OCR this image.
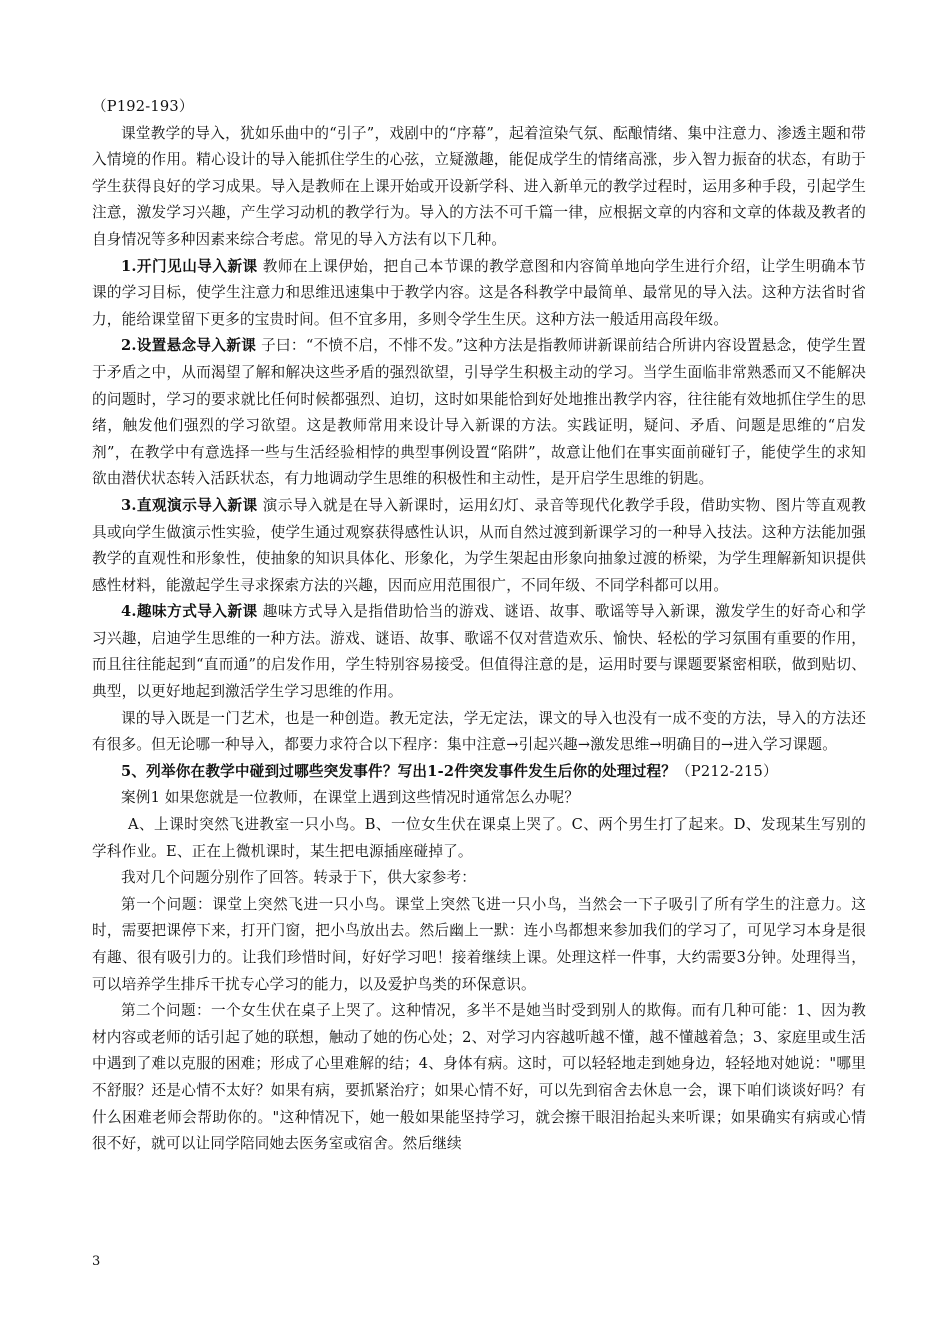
（P192-193）

课堂教学的导入，犹如乐曲中的“引子”，戏剧中的“序幕”，起着渲染气氛、酝酿情绪、集中注意力、渗透主题和带入情境的作用。精心设计的导入能抓住学生的心弦，立疑激趣，能促成学生的情绪高涨，步入智力振奋的状态，有助于学生获得良好的学习成果。导入是教师在上课开始或开设新学科、进入新单元的教学过程时，运用多种手段，引起学生注意，激发学习兴趣，产生学习动机的教学行为。导入的方法不可千篇一律，应根据文章的内容和文章的体裁及教者的自身情况等多种因素来综合考虑。常见的导入方法有以下几种。

1.开门见山导入新课 教师在上课伊始，把自己本节课的教学意图和内容简单地向学生进行介绍，让学生明确本节课的学习目标，使学生注意力和思维迅速集中于教学内容。这是各科教学中最简单、最常见的导入法。这种方法省时省力，能给课堂留下更多的宝贵时间。但不宜多用，多则令学生生厌。这种方法一般适用高段年级。

2.设置悬念导入新课 子曰：“不愤不启，不悱不发。”这种方法是指教师讲新课前结合所讲内容设置悬念，使学生置于矛盾之中，从而渴望了解和解决这些矛盾的强烈欲望，引导学生积极主动的学习。当学生面临非常熟悉而又不能解决的问题时，学习的要求就比任何时候都强烈、迫切，这时如果能恰到好处地推出教学内容，往往能有效地抓住学生的思绪，触发他们强烈的学习欲望。这是教师常用来设计导入新课的方法。实践证明，疑问、矛盾、问题是思维的“启发剂”，在教学中有意选择一些与生活经验相悖的典型事例设置“陷阱”，故意让他们在事实面前碰钉子，能使学生的求知欲由潜伏状态转入活跃状态，有力地调动学生思维的积极性和主动性，是开启学生思维的钥匙。

3.直观演示导入新课 演示导入就是在导入新课时，运用幻灯、录音等现代化教学手段，借助实物、图片等直观教具或向学生做演示性实验，使学生通过观察获得感性认识，从而自然过渡到新课学习的一种导入技法。这种方法能加强教学的直观性和形象性，使抽象的知识具体化、形象化，为学生架起由形象向抽象过渡的桥梁，为学生理解新知识提供感性材料，能激起学生寻求探索方法的兴趣，因而应用范围很广，不同年级、不同学科都可以用。

4.趣味方式导入新课 趣味方式导入是指借助恰当的游戏、谜语、故事、歌谣等导入新课，激发学生的好奇心和学习兴趣，启迪学生思维的一种方法。游戏、谜语、故事、歌谣不仅对营造欢乐、愉快、轻松的学习氛围有重要的作用，而且往往能起到“直而通”的启发作用，学生特别容易接受。但值得注意的是，运用时要与课题要紧密相联，做到贴切、典型，以更好地起到激活学生学习思维的作用。

课的导入既是一门艺术，也是一种创造。教无定法，学无定法，课文的导入也没有一成不变的方法，导入的方法还有很多。但无论哪一种导入，都要力求符合以下程序：集中注意→引起兴趣→激发思维→明确目的→进入学习课题。

5、列举你在教学中碰到过哪些突发事件？写出1-2件突发事件发生后你的处理过程？（P212-215）

案例1 如果您就是一位教师，在课堂上遇到这些情况时通常怎么办呢？

A、上课时突然飞进教室一只小鸟。B、一位女生伏在课桌上哭了。C、两个男生打了起来。D、发现某生写别的学科作业。E、正在上微机课时，某生把电源插座碰掉了。

我对几个问题分别作了回答。转录于下，供大家参考：

第一个问题：课堂上突然飞进一只小鸟。课堂上突然飞进一只小鸟，当然会一下子吸引了所有学生的注意力。这时，需要把课停下来，打开门窗，把小鸟放出去。然后幽上一默：连小鸟都想来参加我们的学习了，可见学习本身是很有趣、很有吸引力的。让我们珍惜时间，好好学习吧！接着继续上课。处理这样一件事，大约需要3分钟。处理得当，可以培养学生排斥干扰专心学习的能力，以及爱护鸟类的环保意识。

第二个问题：一个女生伏在桌子上哭了。这种情况，多半不是她当时受到别人的欺侮。而有几种可能：1、因为教材内容或老师的话引起了她的联想，触动了她的伤心处；2、对学习内容越听越不懂，越不懂越着急；3、家庭里或生活中遇到了难以克服的困难；形成了心里难解的结；4、身体有病。这时，可以轻轻地走到她身边，轻轻地对她说："哪里不舒服？还是心情不太好？如果有病，要抓紧治疗；如果心情不好，可以先到宿舍去休息一会，课下咱们谈谈好吗？有什么困难老师会帮助你的。"这种情况下，她一般如果能坚持学习，就会擦干眼泪抬起头来听课；如果确实有病或心情很不好，就可以让同学陪同她去医务室或宿舍。然后继续

3
